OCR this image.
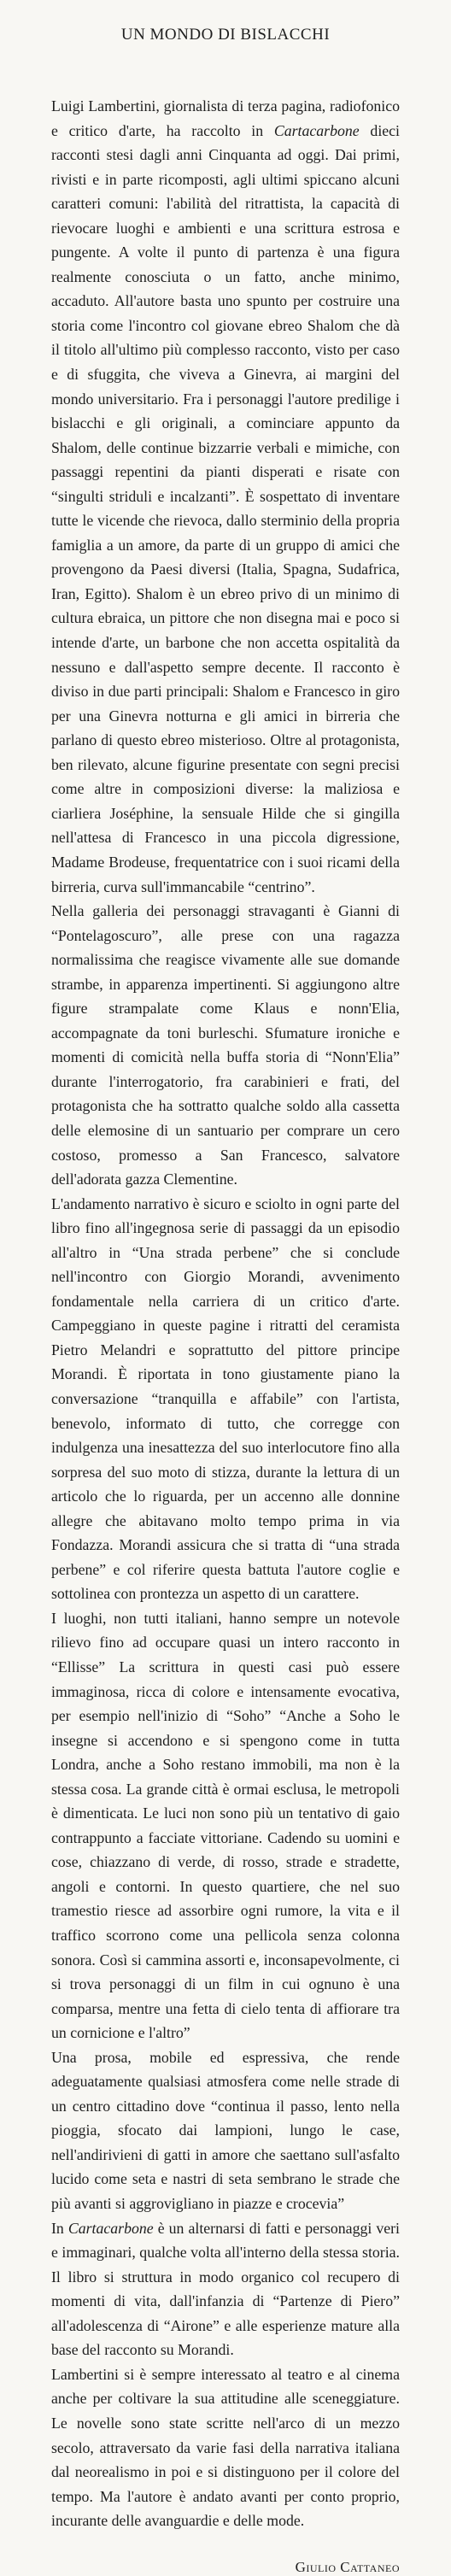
UN MONDO DI BISLACCHI

Luigi Lambertini, giornalista di terza pagina, radiofonico e critico d'arte, ha raccolto in Cartacarbone dieci racconti stesi dagli anni Cinquanta ad oggi. Dai primi, rivisti e in parte ricomposti, agli ultimi spiccano alcuni caratteri comuni: l'abilità del ritrattista, la capacità di rievocare luoghi e ambienti e una scrittura estrosa e pungente. A volte il punto di partenza è una figura realmente conosciuta o un fatto, anche minimo, accaduto. All'autore basta uno spunto per costruire una storia come l'incontro col giovane ebreo Shalom che dà il titolo all'ultimo più complesso racconto, visto per caso e di sfuggita, che viveva a Ginevra, ai margini del mondo universitario. Fra i personaggi l'autore predilige i bislacchi e gli originali, a cominciare appunto da Shalom, delle continue bizzarrie verbali e mimiche, con passaggi repentini da pianti disperati e risate con “singulti striduli e incalzanti”. È sospettato di inventare tutte le vicende che rievoca, dallo sterminio della propria famiglia a un amore, da parte di un gruppo di amici che provengono da Paesi diversi (Italia, Spagna, Sudafrica, Iran, Egitto). Shalom è un ebreo privo di un minimo di cultura ebraica, un pittore che non disegna mai e poco si intende d'arte, un barbone che non accetta ospitalità da nessuno e dall'aspetto sempre decente. Il racconto è diviso in due parti principali: Shalom e Francesco in giro per una Ginevra notturna e gli amici in birreria che parlano di questo ebreo misterioso. Oltre al protagonista, ben rilevato, alcune figurine presentate con segni precisi come altre in composizioni diverse: la maliziosa e ciarliera Joséphine, la sensuale Hilde che si gingilla nell'attesa di Francesco in una piccola digressione, Madame Brodeuse, frequentatrice con i suoi ricami della birreria, curva sull'immancabile “centrino”.

Nella galleria dei personaggi stravaganti è Gianni di “Pontelagoscuro”, alle prese con una ragazza normalissima che reagisce vivamente alle sue domande strambe, in apparenza impertinenti. Si aggiungono altre figure strampalate come Klaus e nonn'Elia, accompagnate da toni burleschi. Sfumature ironiche e momenti di comicità nella buffa storia di “Nonn'Elia” durante l'interrogatorio, fra carabinieri e frati, del protagonista che ha sottratto qualche soldo alla cassetta delle elemosine di un santuario per comprare un cero costoso, promesso a San Francesco, salvatore dell'adorata gazza Clementine.

L'andamento narrativo è sicuro e sciolto in ogni parte del libro fino all'ingegnosa serie di passaggi da un episodio all'altro in “Una strada perbene” che si conclude nell'incontro con Giorgio Morandi, avvenimento fondamentale nella carriera di un critico d'arte. Campeggiano in queste pagine i ritratti del ceramista Pietro Melandri e soprattutto del pittore principe Morandi. È riportata in tono giustamente piano la conversazione “tranquilla e affabile” con l'artista, benevolo, informato di tutto, che corregge con indulgenza una inesattezza del suo interlocutore fino alla sorpresa del suo moto di stizza, durante la lettura di un articolo che lo riguarda, per un accenno alle donnine allegre che abitavano molto tempo prima in via Fondazza. Morandi assicura che si tratta di “una strada perbene” e col riferire questa battuta l'autore coglie e sottolinea con prontezza un aspetto di un carattere.

I luoghi, non tutti italiani, hanno sempre un notevole rilievo fino ad occupare quasi un intero racconto in “Ellisse” La scrittura in questi casi può essere immaginosa, ricca di colore e intensamente evocativa, per esempio nell'inizio di “Soho” “Anche a Soho le insegne si accendono e si spengono come in tutta Londra, anche a Soho restano immobili, ma non è la stessa cosa. La grande città è ormai esclusa, le metropoli è dimenticata. Le luci non sono più un tentativo di gaio contrappunto a facciate vittoriane. Cadendo su uomini e cose, chiazzano di verde, di rosso, strade e stradette, angoli e contorni. In questo quartiere, che nel suo tramestio riesce ad assorbire ogni rumore, la vita e il traffico scorrono come una pellicola senza colonna sonora. Così si cammina assorti e, inconsapevolmente, ci si trova personaggi di un film in cui ognuno è una comparsa, mentre una fetta di cielo tenta di affiorare tra un cornicione e l'altro”

Una prosa, mobile ed espressiva, che rende adeguatamente qualsiasi atmosfera come nelle strade di un centro cittadino dove “continua il passo, lento nella pioggia, sfocato dai lampioni, lungo le case, nell'andirivieni di gatti in amore che saettano sull'asfalto lucido come seta e nastri di seta sembrano le strade che più avanti si aggrovigliano in piazze e crocevia”

In Cartacarbone è un alternarsi di fatti e personaggi veri e immaginari, qualche volta all'interno della stessa storia. Il libro si struttura in modo organico col recupero di momenti di vita, dall'infanzia di “Partenze di Piero” all'adolescenza di “Airone” e alle esperienze mature alla base del racconto su Morandi.

Lambertini si è sempre interessato al teatro e al cinema anche per coltivare la sua attitudine alle sceneggiature. Le novelle sono state scritte nell'arco di un mezzo secolo, attraversato da varie fasi della narrativa italiana dal neorealismo in poi e si distinguono per il colore del tempo. Ma l'autore è andato avanti per conto proprio, incurante delle avanguardie e delle mode.

Giulio Cattaneo
